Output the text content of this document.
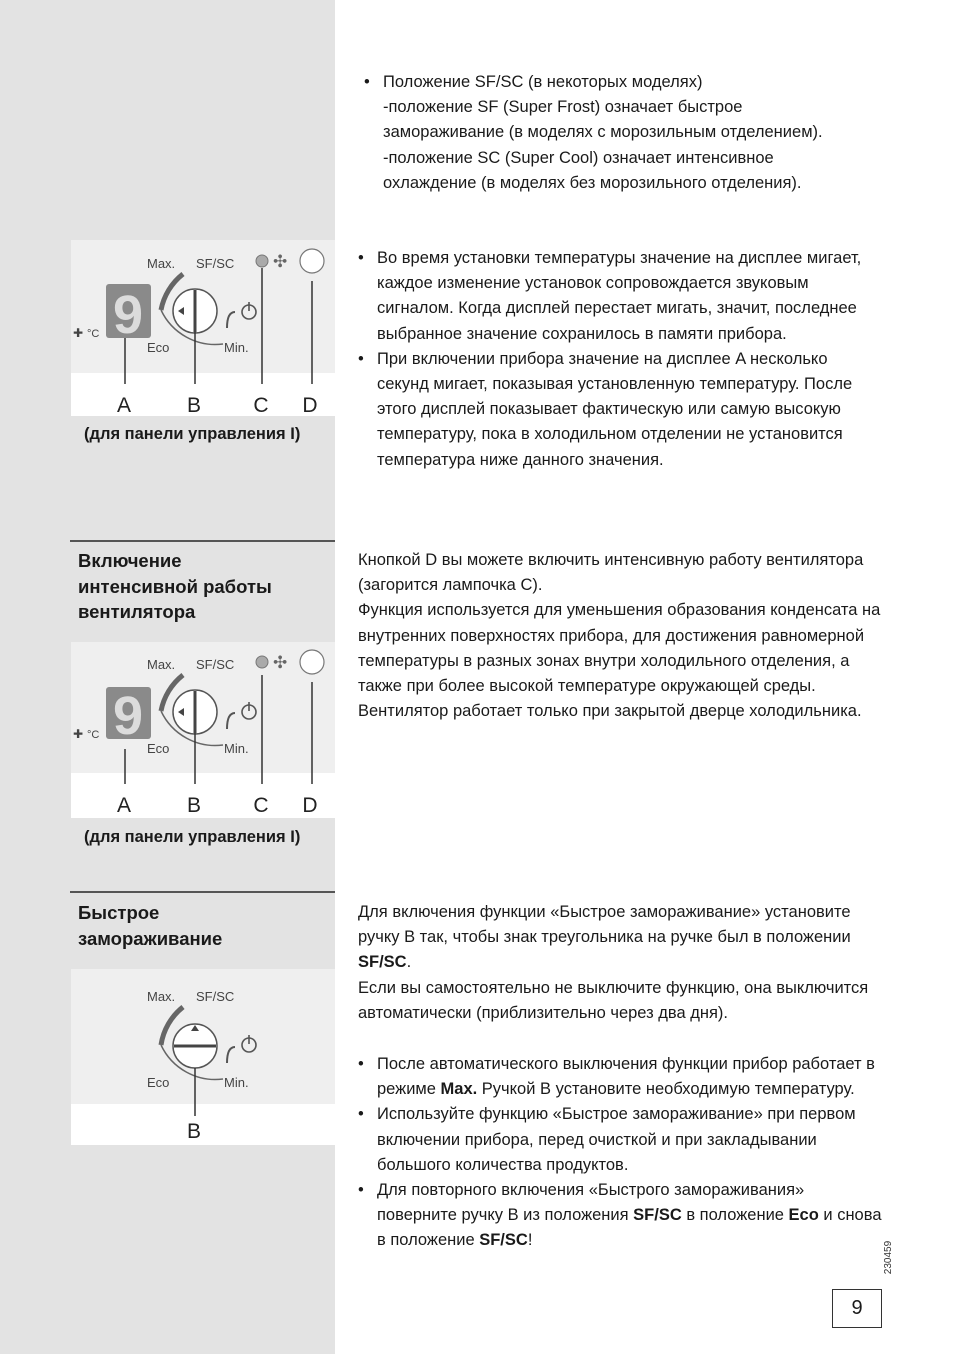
• Положение SF/SC (в некоторых моделях)
-положение SF (Super Frost) означает быстрое
замораживание (в моделях с морозильным отделением).
-положение SC (Super Cool) означает интенсивное
охлаждение (в моделях без морозильного отделения).
Max. SF/SC
Eco	Min.
9
✚ °C
✣
A	B C D
(для панели управления I)
• Во время установки температуры значение на дисплее мигает, каждое изменение установок сопровождается звуковым сигналом. Когда дисплей перестает мигать, значит, последнее выбранное значение сохранилось в памяти прибора.
• При включении прибора значение на дисплее A несколько секунд мигает, показывая установленную температуру. После этого дисплей показывает фактическую или самую высокую температуру, пока в холодильном отделении не установится температура ниже данного значения.
Включение
интенсивной работы
вентилятора

Кнопкой D вы можете включить интенсивную работу вентилятора (загорится лампочка C).

Функция используется для уменьшения образования конденсата на внутренних поверхностях прибора, для достижения равномерной температуры в разных зонах внутри холодильного отделения, а также при более высокой температуре окружающей среды.

Вентилятор работает только при закрытой дверце холодильника.

Max. SF/SC
Eco	Min.
9
✚ °C
✣
A	B C D
(для панели управления I)
Быстрое
замораживание
Max. SF/SC
Eco	Min.
B

Для включения функции «Быстрое замораживание» установите ручку B так, чтобы знак треугольника на ручке был в положении SF/SC.

Если вы самостоятельно не выключите функцию, она выключится автоматически (приблизительно через два дня).

• После автоматического выключения функции прибор работает в режиме Max. Ручкой B установите необходимую температуру.
• Используйте функцию «Быстрое замораживание» при первом включении прибора, перед очисткой и при закладывании большого количества продуктов.
• Для повторного включения «Быстрого замораживания» поверните ручку B из положения SF/SC в положение Eco и снова в положение SF/SC!
230459
9
